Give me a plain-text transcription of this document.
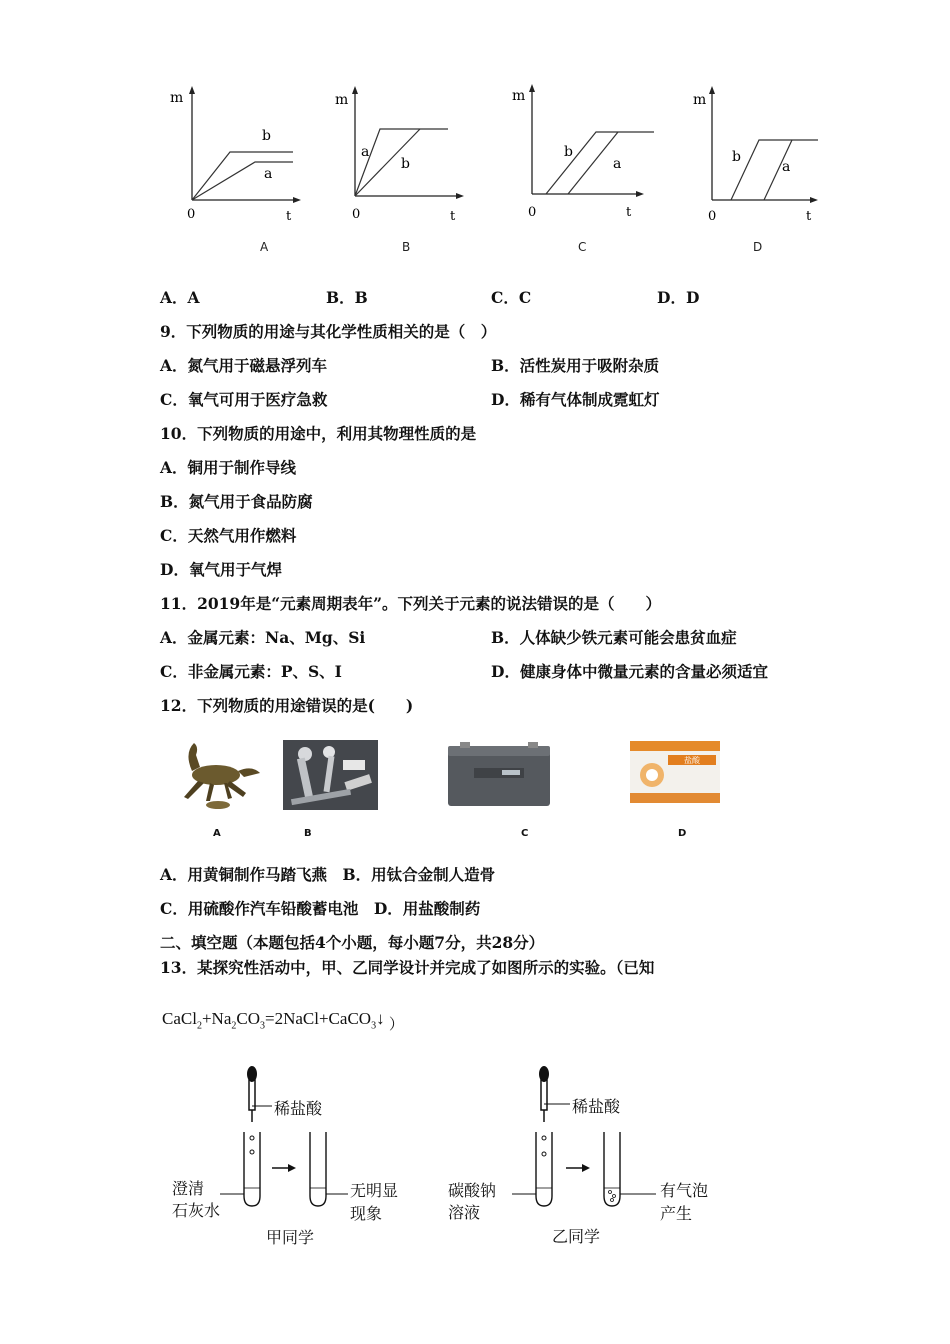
m
t
0
b
a
m
t
0
a
b
m
t
0
b
a
m
t
0
b
a
A	B	C	D
A．A	B．B	C．C	D．D
9．下列物质的用途与其化学性质相关的是（　）
A．氮气用于磁悬浮列车	B．活性炭用于吸附杂质
C．氧气可用于医疗急救	D．稀有气体制成霓虹灯
10．下列物质的用途中，利用其物理性质的是
A．铜用于制作导线
B．氮气用于食品防腐
C．天然气用作燃料
D．氧气用于气焊
11．2019年是“元素周期表年”。下列关于元素的说法错误的是（　　）
A．金属元素：Na、Mg、Si	B．人体缺少铁元素可能会患贫血症
C．非金属元素：P、S、I	D．健康身体中微量元素的含量必须适宜
12．下列物质的用途错误的是(　　)
盐酸
A	B	C	D
A．用黄铜制作马踏飞燕　B．用钛合金制人造骨
C．用硫酸作汽车铅酸蓄电池　D．用盐酸制药
二、填空题（本题包括4个小题，每小题7分，共28分）
13．某探究性活动中，甲、乙同学设计并完成了如图所示的实验。（已知
$CaCl_2+Na_2CO_3=2NaCl+CaCO_3↓$ ）
稀盐酸
澄清
石灰水
无明显
现象
甲同学
稀盐酸
碳酸钠
溶液
有气泡
产生
乙同学
